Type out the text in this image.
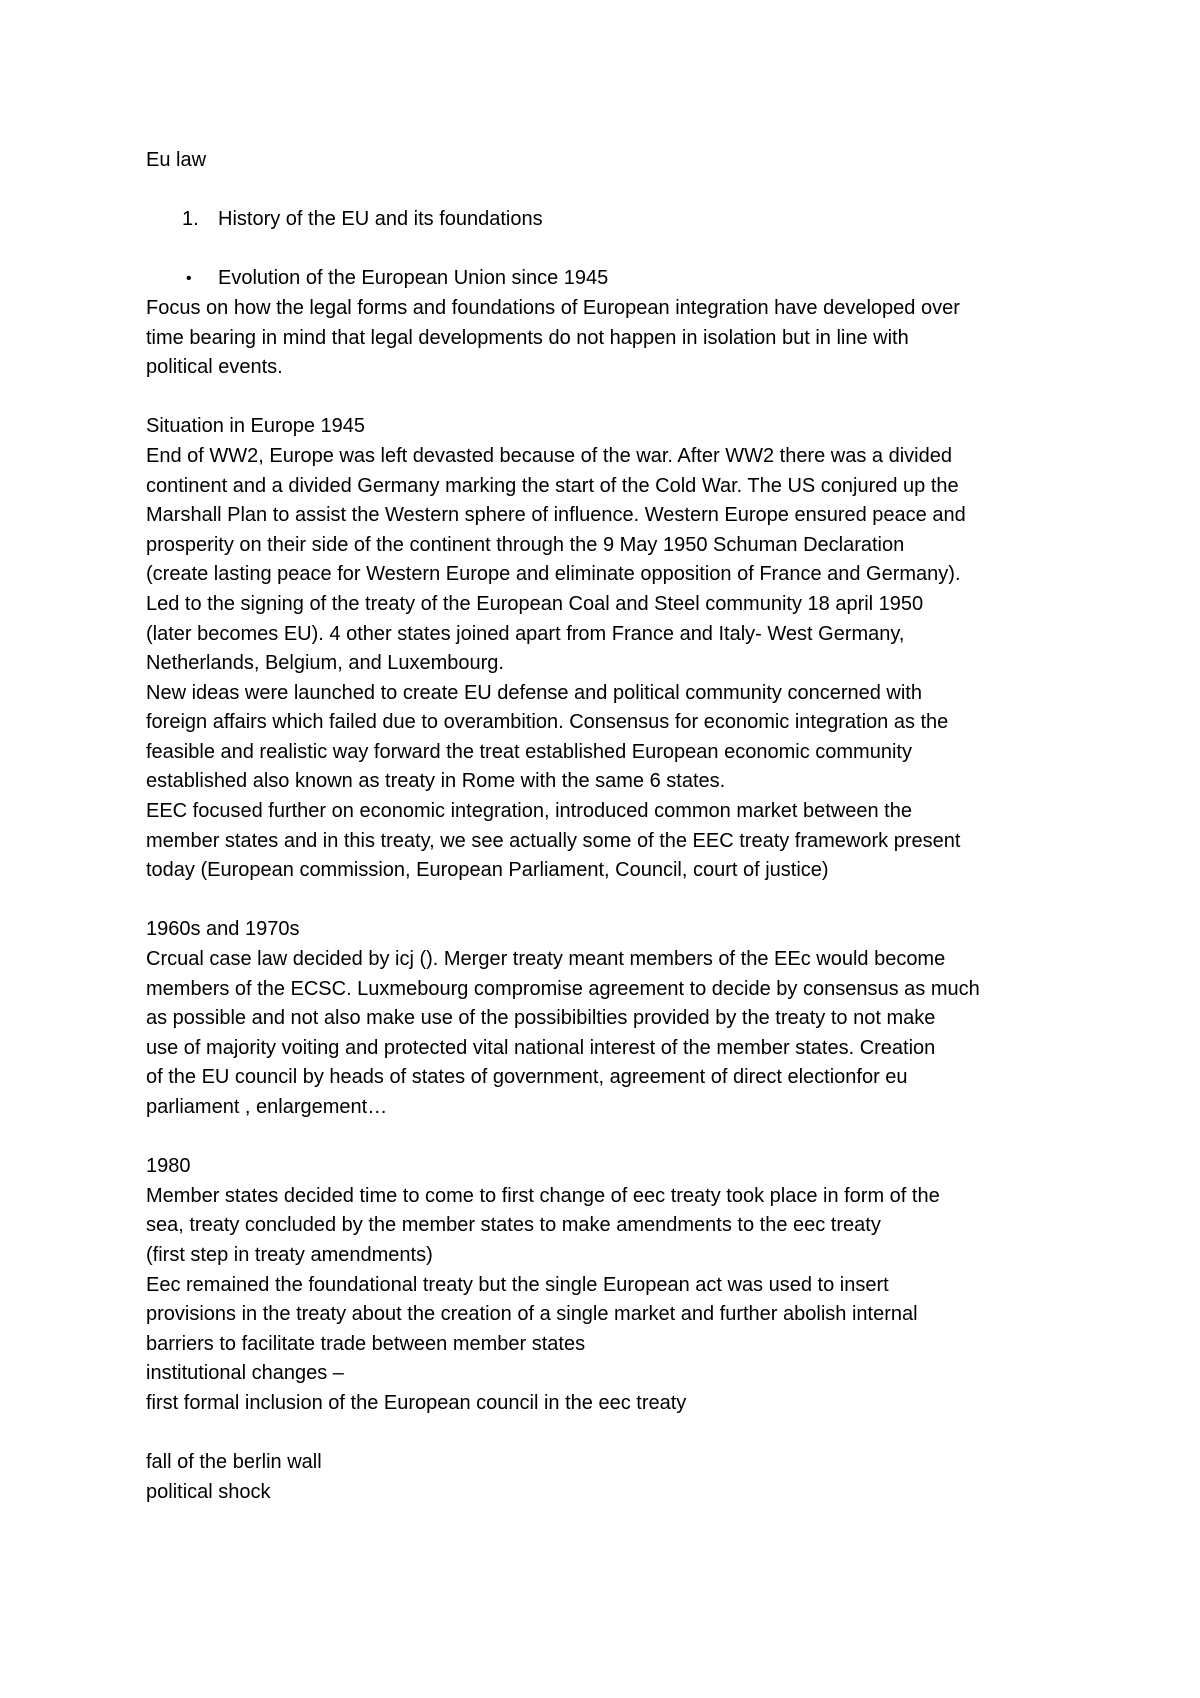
Eu law
1. History of the EU and its foundations
•	Evolution of the European Union since 1945
Focus on how the legal forms and foundations of European integration have developed over
time bearing in mind that legal developments do not happen in isolation but in line with
political events.
Situation in Europe 1945
End of WW2, Europe was left devasted because of the war. After WW2 there was a divided
continent and a divided Germany marking the start of the Cold War. The US conjured up the
Marshall Plan to assist the Western sphere of influence. Western Europe ensured peace and
prosperity on their side of the continent through the 9 May 1950 Schuman Declaration
(create lasting peace for Western Europe and eliminate opposition of France and Germany).
Led to the signing of the treaty of the European Coal and Steel community 18 april 1950
(later becomes EU). 4 other states joined apart from France and Italy- West Germany,
Netherlands, Belgium, and Luxembourg.
New ideas were launched to create EU defense and political community concerned with
foreign affairs which failed due to overambition. Consensus for economic integration as the
feasible and realistic way forward the treat established European economic community
established also known as treaty in Rome with the same 6 states.
EEC focused further on economic integration, introduced common market between the
member states and in this treaty, we see actually some of the EEC treaty framework present
today (European commission, European Parliament, Council, court of justice)
1960s and 1970s
Crcual case law decided by icj (). Merger treaty meant members of the EEc would become
members of the ECSC. Luxmebourg compromise agreement to decide by consensus as much
as possible and not also make use of the possibibilties provided by the treaty to not make
use of majority voiting and protected vital national interest of the member states. Creation
of the EU council by heads of states of government, agreement of direct electionfor eu
parliament , enlargement…
1980
Member states decided time to come to first change of eec treaty took place in form of the
sea, treaty concluded by the member states to make amendments to the eec treaty
(first step in treaty amendments)
Eec remained the foundational treaty but the single European act was used to insert
provisions in the treaty about the creation of a single market and further abolish internal
barriers to facilitate trade between member states
institutional changes –
first formal inclusion of the European council in the eec treaty
fall of the berlin wall
political shock
